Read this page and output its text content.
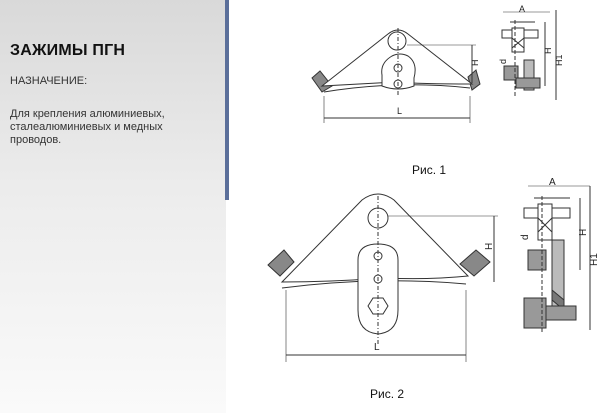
ЗАЖИМЫ ПГН
НАЗНАЧЕНИЕ:
Для крепления алюминиевых,
сталеалюминиевых и медных
проводов.
H
L
A
d
H
H1
H
L
A
d
H
H1
Рис. 1
Рис. 2
